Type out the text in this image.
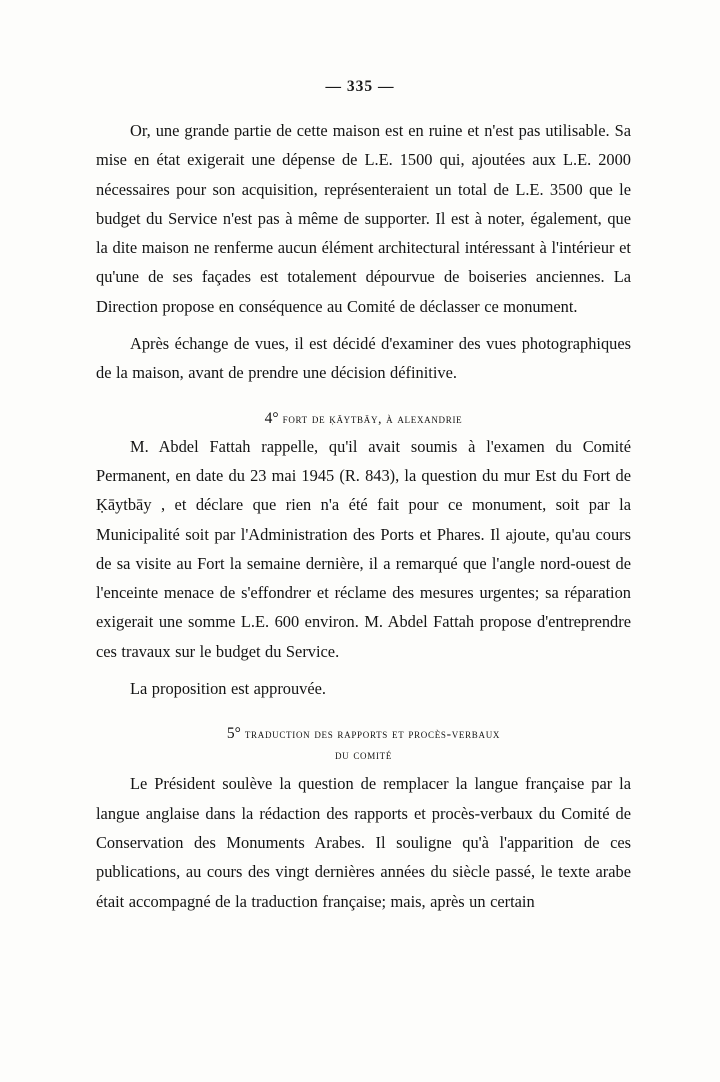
— 335 —

Or, une grande partie de cette maison est en ruine et n'est pas utilisable. Sa mise en état exigerait une dépense de L.E. 1500 qui, ajoutées aux L.E. 2000 nécessaires pour son acquisition, représenteraient un total de L.E. 3500 que le budget du Service n'est pas à même de supporter. Il est à noter, également, que la dite maison ne renferme aucun élément architectural intéressant à l'intérieur et qu'une de ses façades est totalement dépourvue de boiseries anciennes. La Direction propose en conséquence au Comité de déclasser ce monument.

Après échange de vues, il est décidé d'examiner des vues photographiques de la maison, avant de prendre une décision définitive.

4° fort de ḳāytbāy, à alexandrie

M. Abdel Fattah rappelle, qu'il avait soumis à l'examen du Comité Permanent, en date du 23 mai 1945 (R. 843), la question du mur Est du Fort de Ḳāytbāy , et déclare que rien n'a été fait pour ce monument, soit par la Municipalité soit par l'Administration des Ports et Phares. Il ajoute, qu'au cours de sa visite au Fort la semaine dernière, il a remarqué que l'angle nord-ouest de l'enceinte menace de s'effondrer et réclame des mesures urgentes; sa réparation exigerait une somme L.E. 600 environ. M. Abdel Fattah propose d'entreprendre ces travaux sur le budget du Service.

La proposition est approuvée.

5° traduction des rapports et procès-verbaux
du comité

Le Président soulève la question de remplacer la langue française par la langue anglaise dans la rédaction des rapports et procès-verbaux du Comité de Conservation des Monuments Arabes. Il souligne qu'à l'apparition de ces publications, au cours des vingt dernières années du siècle passé, le texte arabe était accompagné de la traduction française; mais, après un certain
